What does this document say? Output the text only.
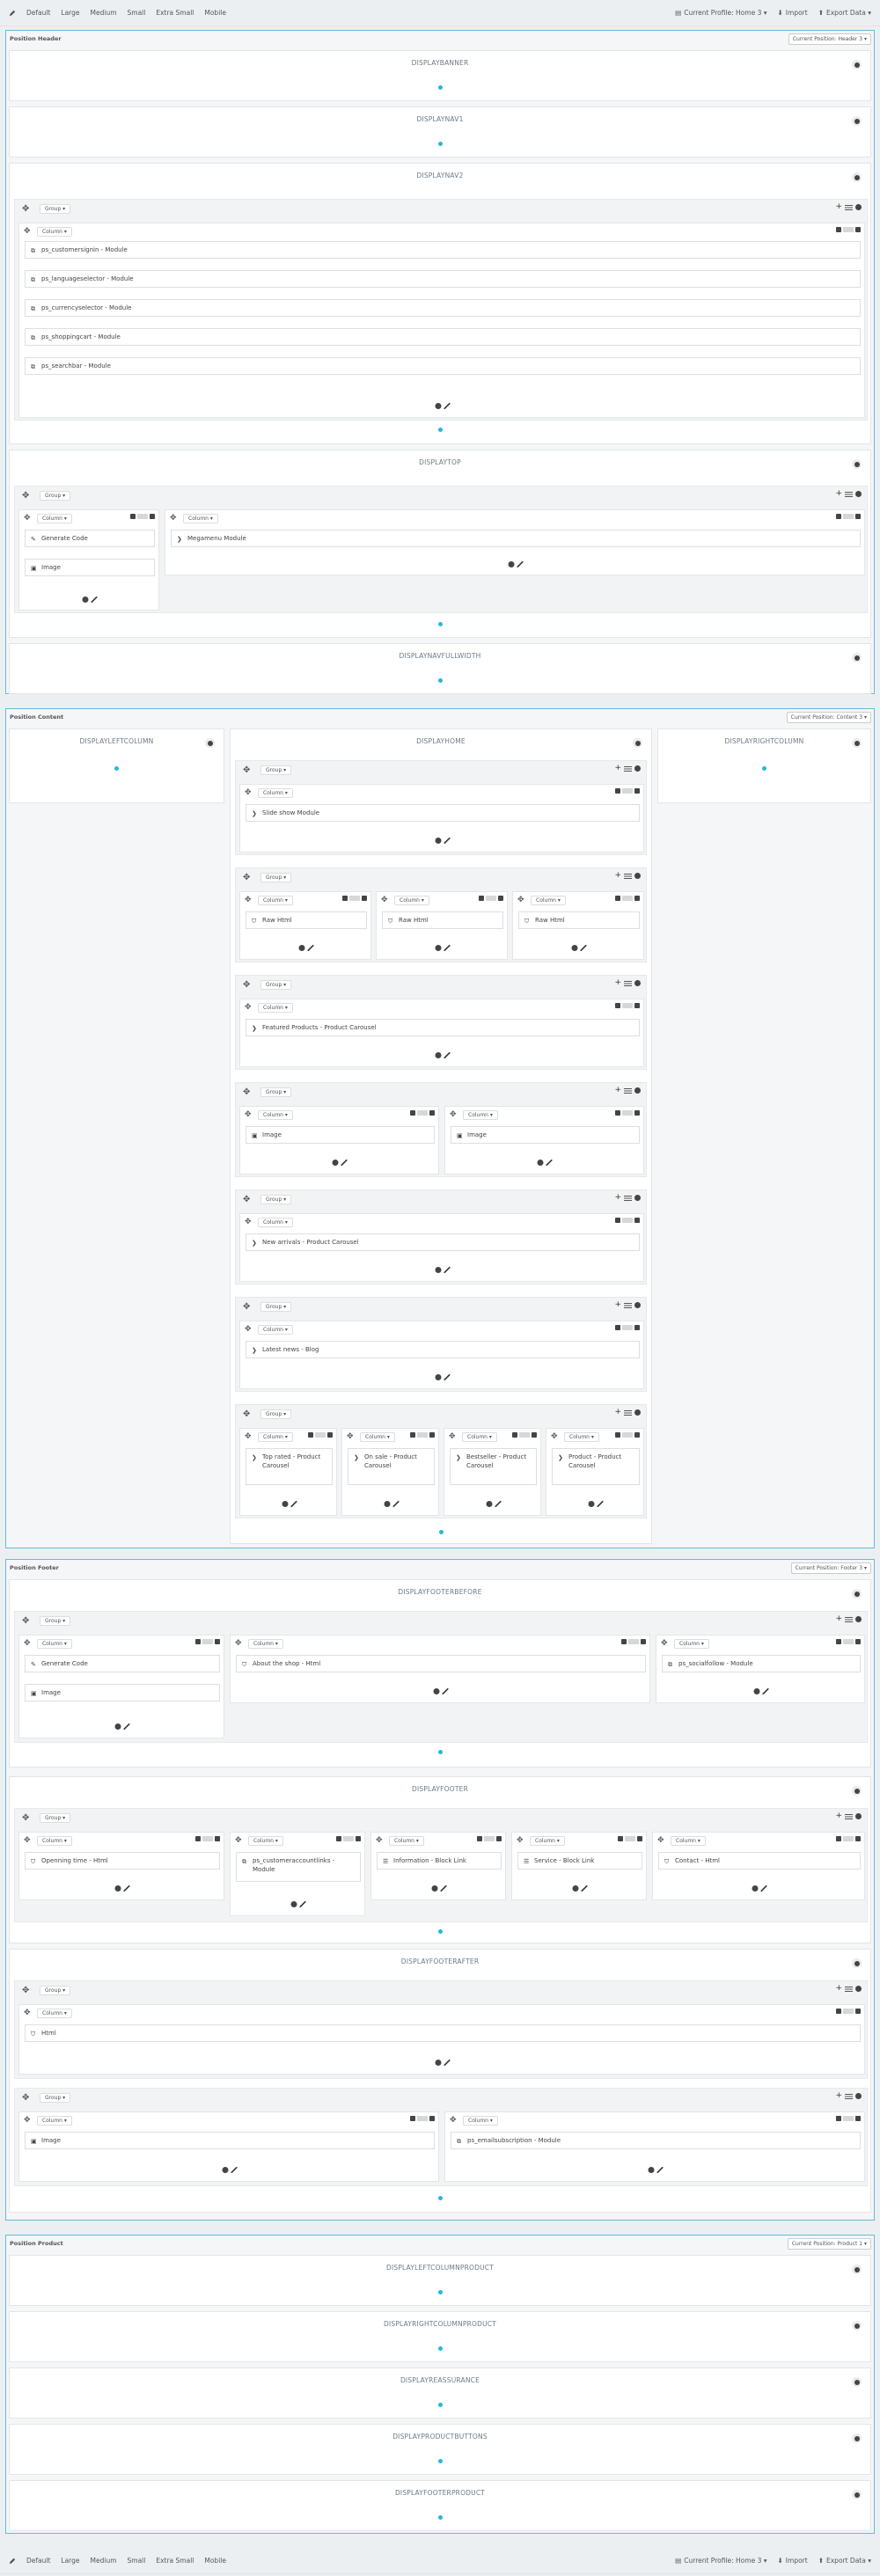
Default Large Medium Small Extra Small Mobile	▤ Current Profile: Home 3 ▾ ⬇ Import ⬆ Export Data ▾
Position Header	Current Position: Header 3 ▾
DISPLAYBANNER
DISPLAYNAV1
DISPLAYNAV2
✥	Group ▾	+
✥	Column ▾
⧉	ps_customersignin - Module
⧉	ps_languageselector - Module
⧉	ps_currencyselector - Module
⧉	ps_shoppingcart - Module
⧉	ps_searchbar - Module
DISPLAYTOP
✥	Group ▾	+
✥	Column ▾
✎ Generate Code
▣ Image
✥	Column ▾
❯ Megamenu Module
DISPLAYNAVFULLWIDTH
Position Content	Current Position: Content 3 ▾
DISPLAYLEFTCOLUMN	DISPLAYRIGHTCOLUMN
DISPLAYHOME
✥	Group ▾	+
✥	Column ▾
❯ Slide show Module
✥	Group ▾	+
✥	Column ▾
⛉ Raw Html
✥	Column ▾
⛉ Raw Html
✥	Column ▾
⛉ Raw Html
✥	Group ▾	+
✥	Column ▾
❯ Featured Products - Product Carousel
✥	Group ▾	+
✥	Column ▾
▣ Image
✥	Column ▾
▣ Image
✥	Group ▾	+
✥	Column ▾
❯ New arrivals - Product Carousel
✥	Group ▾	+
✥	Column ▾
❯ Latest news - Blog
✥	Group ▾	+
✥	Column ▾
❯ Top rated - Product Carousel
✥	Column ▾
❯ On sale - Product Carousel
✥	Column ▾
❯ Bestseller - Product Carousel
✥	Column ▾
❯ Product - Product Carousel
Position Footer	Current Position: Footer 3 ▾
DISPLAYFOOTERBEFORE
✥	Group ▾	+
✥	Column ▾
✎ Generate Code
▣ Image
✥	Column ▾
⛉ About the shop - Html
✥	Column ▾
⧉	ps_socialfollow - Module
DISPLAYFOOTER
✥	Group ▾	+
✥	Column ▾
⛉ Openning time - Html
✥	Column ▾
⧉	ps_customeraccountlinks - Module
✥	Column ▾
☰ Information - Block Link
✥	Column ▾
☰ Service - Block Link
✥	Column ▾
⛉ Contact - Html
DISPLAYFOOTERAFTER
✥	Group ▾	+
✥	Column ▾
⛉ Html
✥	Group ▾	+
✥	Column ▾
▣ Image
✥	Column ▾
⧉	ps_emailsubscription - Module
Position Product	Current Position: Product 1 ▾
DISPLAYLEFTCOLUMNPRODUCT
DISPLAYRIGHTCOLUMNPRODUCT
DISPLAYREASSURANCE
DISPLAYPRODUCTBUTTONS
DISPLAYFOOTERPRODUCT
Default Large Medium Small Extra Small Mobile	▤ Current Profile: Home 3 ▾ ⬇ Import ⬆ Export Data ▾
